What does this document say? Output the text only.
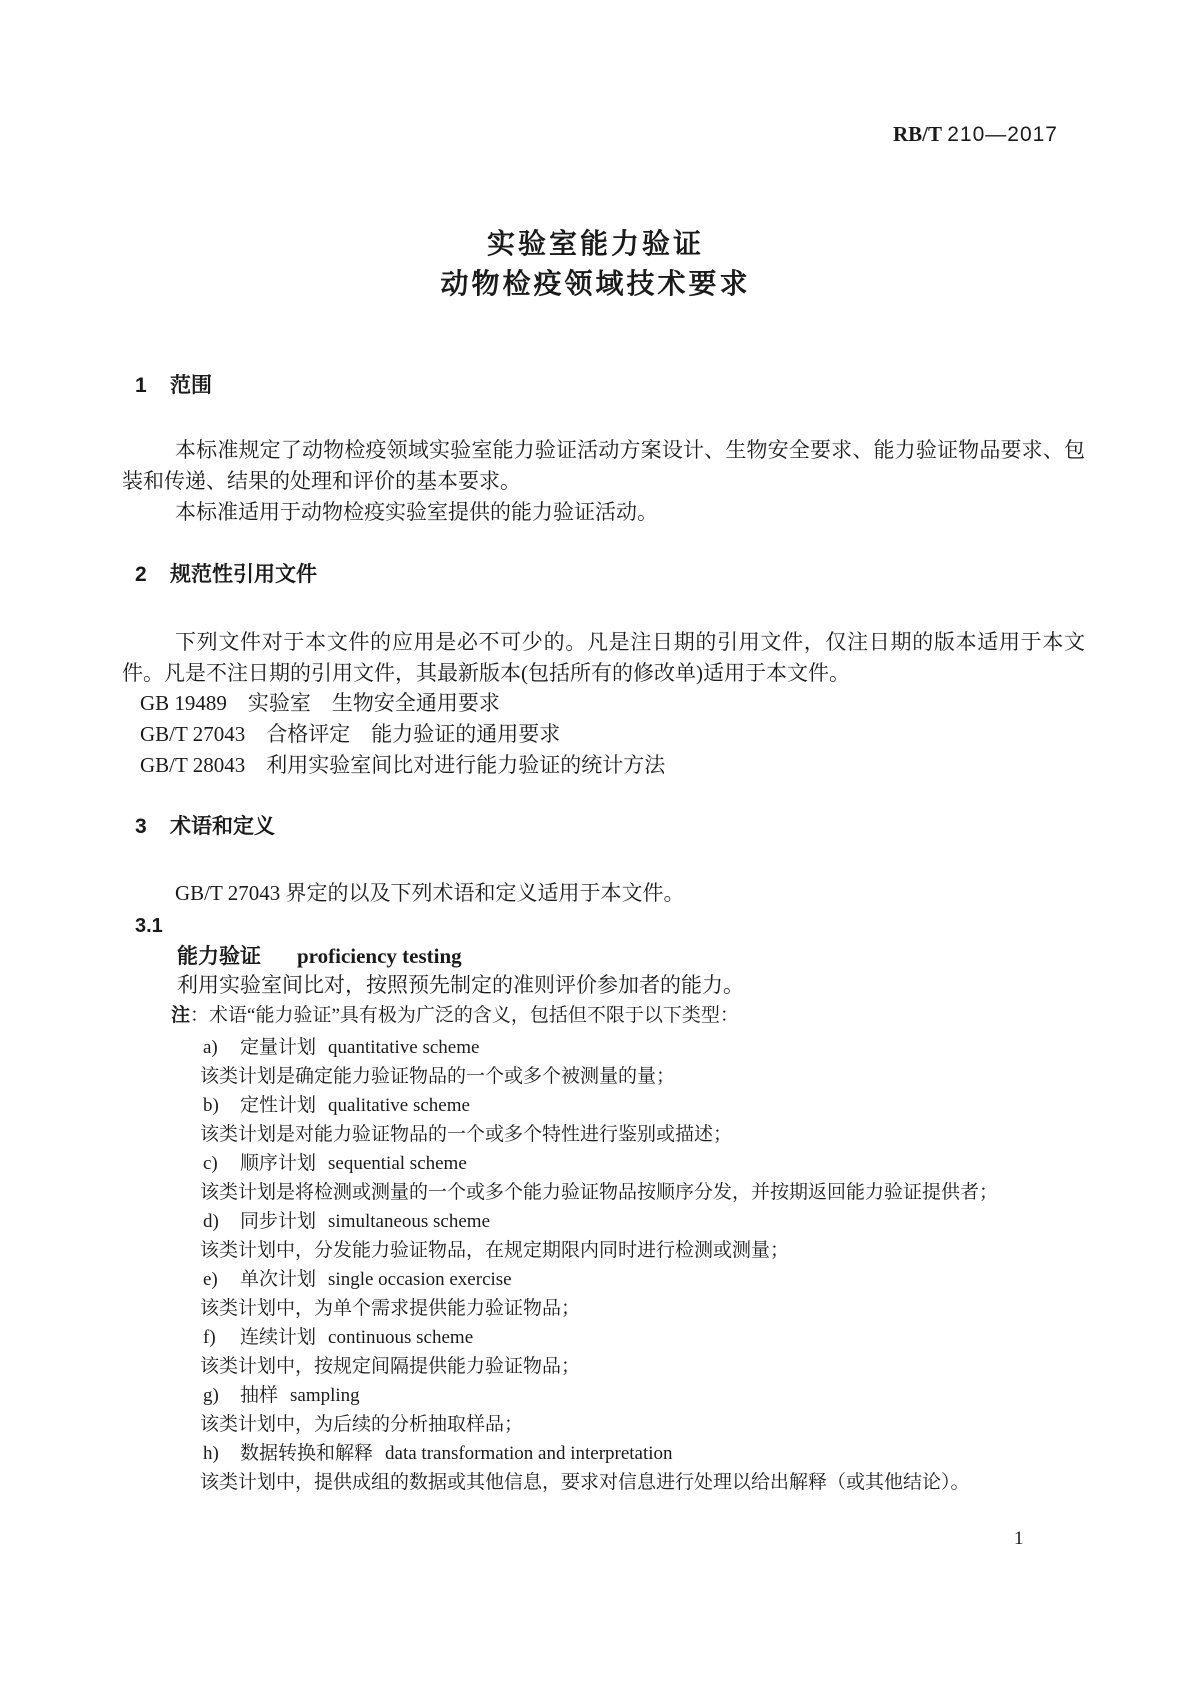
RB/T 210—2017
实验室能力验证
动物检疫领域技术要求
1 范围
本标准规定了动物检疫领域实验室能力验证活动方案设计、生物安全要求、能力验证物品要求、包装和传递、结果的处理和评价的基本要求。
本标准适用于动物检疫实验室提供的能力验证活动。
2 规范性引用文件
下列文件对于本文件的应用是必不可少的。凡是注日期的引用文件，仅注日期的版本适用于本文件。凡是不注日期的引用文件，其最新版本(包括所有的修改单)适用于本文件。
GB 19489　实验室　生物安全通用要求
GB/T 27043　合格评定　能力验证的通用要求
GB/T 28043　利用实验室间比对进行能力验证的统计方法
3 术语和定义
GB/T 27043 界定的以及下列术语和定义适用于本文件。
3.1
能力验证 proficiency testing
利用实验室间比对，按照预先制定的准则评价参加者的能力。
注：术语“能力验证”具有极为广泛的含义，包括但不限于以下类型：
a) 定量计划 quantitative scheme
该类计划是确定能力验证物品的一个或多个被测量的量；
b) 定性计划 qualitative scheme
该类计划是对能力验证物品的一个或多个特性进行鉴别或描述；
c) 顺序计划 sequential scheme
该类计划是将检测或测量的一个或多个能力验证物品按顺序分发，并按期返回能力验证提供者；
d) 同步计划 simultaneous scheme
该类计划中，分发能力验证物品，在规定期限内同时进行检测或测量；
e) 单次计划 single occasion exercise
该类计划中，为单个需求提供能力验证物品；
f) 连续计划 continuous scheme
该类计划中，按规定间隔提供能力验证物品；
g) 抽样 sampling
该类计划中，为后续的分析抽取样品；
h) 数据转换和解释 data transformation and interpretation
该类计划中，提供成组的数据或其他信息，要求对信息进行处理以给出解释（或其他结论）。
1
